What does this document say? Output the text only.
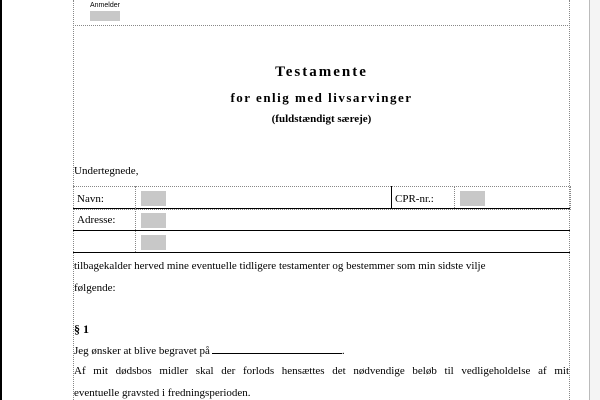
Anmelder
Testamente
for enlig med livsarvinger
(fuldstændigt særeje)
Undertegnede,
Navn:	CPR-nr.:
Adresse:
tilbagekalder herved mine eventuelle tidligere testamenter og bestemmer som min sidste vilje
følgende:
§ 1
Jeg ønsker at blive begravet på	.
Af mit dødsbos midler skal der forlods hensættes det nødvendige beløb til vedligeholdelse af mit
eventuelle gravsted i fredningsperioden.
